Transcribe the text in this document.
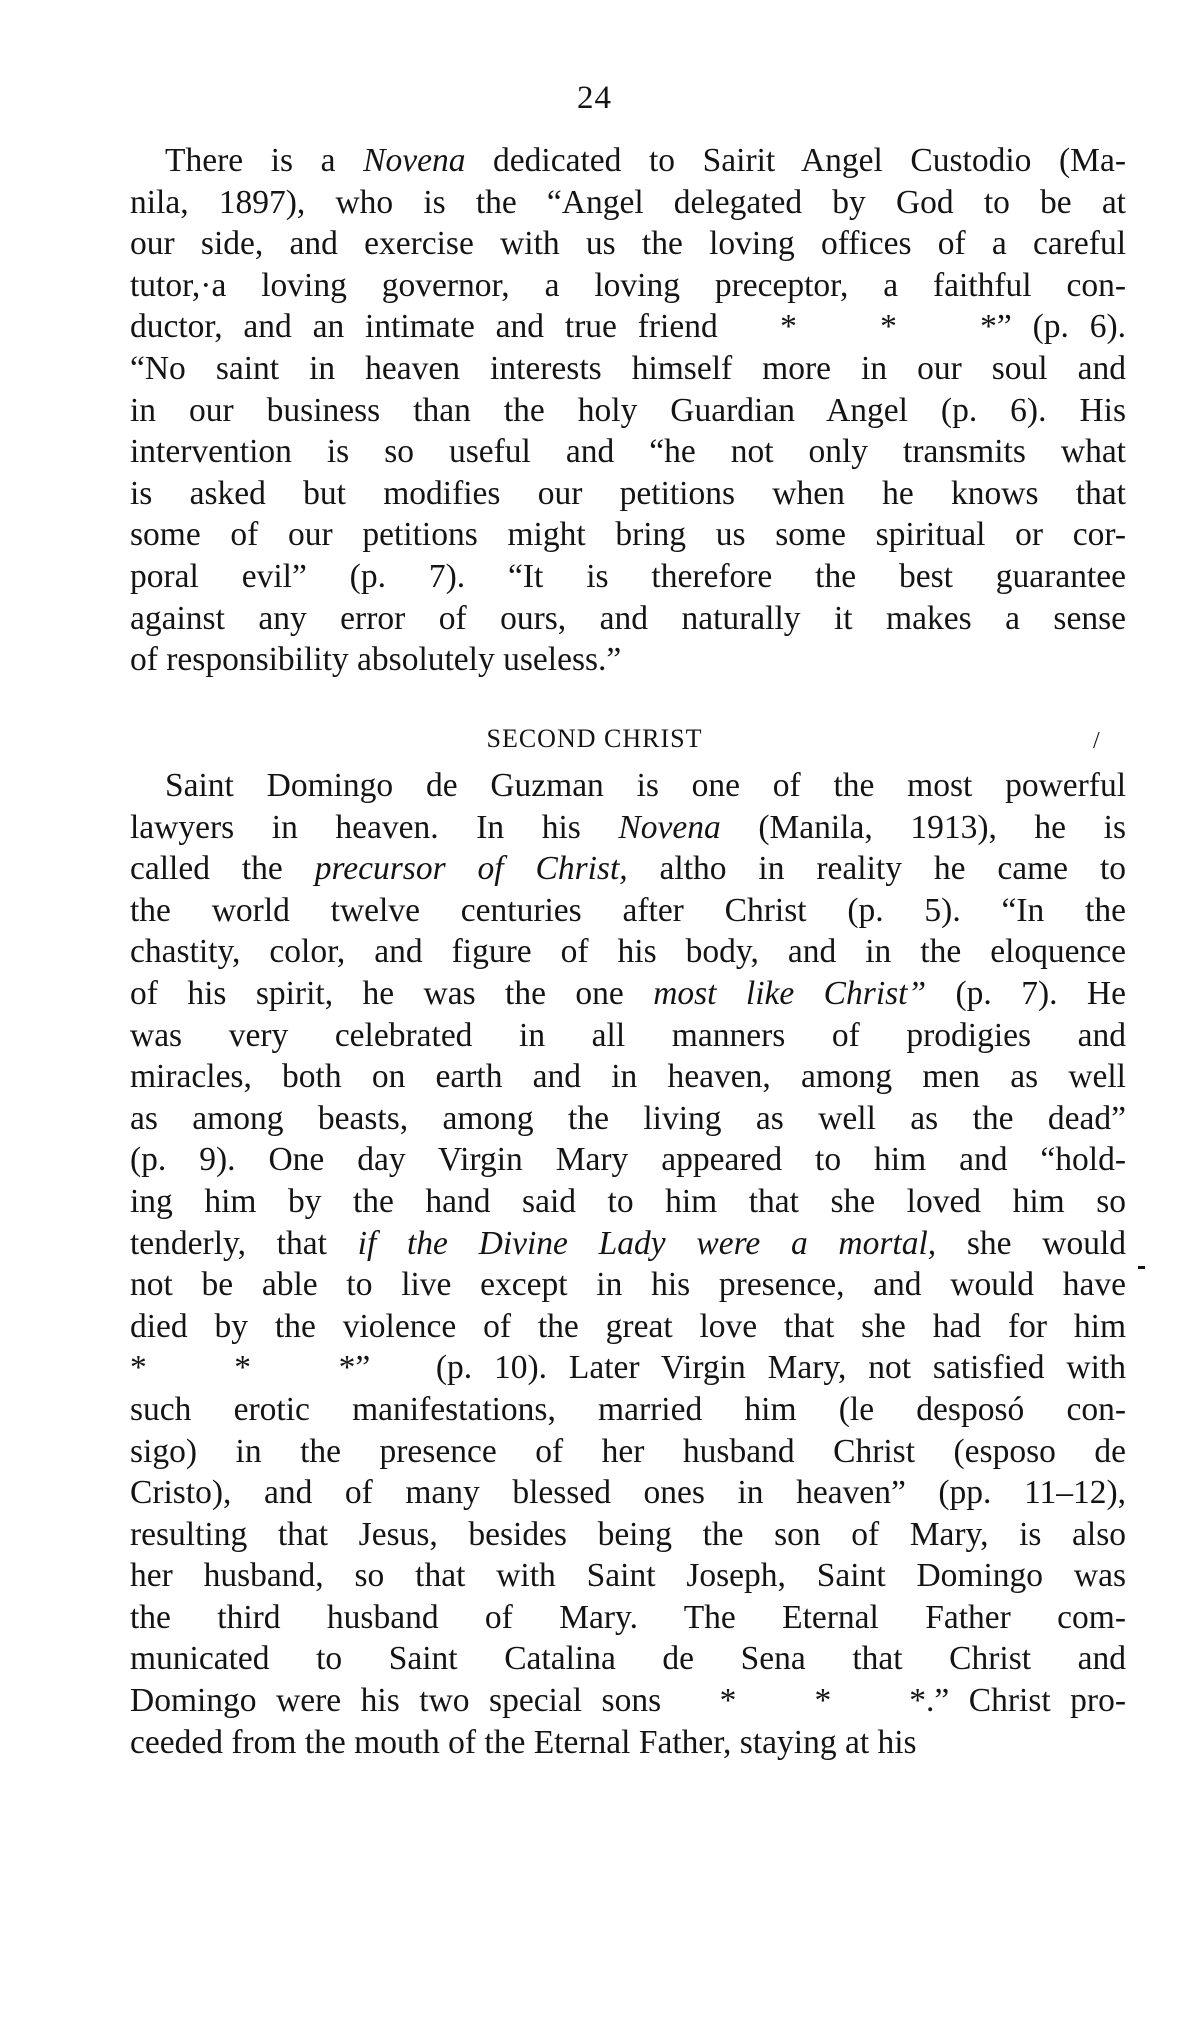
24
There is a Novena dedicated to Sairit Angel Custodio (Ma-
nila, 1897), who is the “Angel delegated by God to be at
our side, and exercise with us the loving offices of a careful
tutor,·a loving governor, a loving preceptor, a faithful con-
ductor, and an intimate and true friend   *    *    *” (p. 6).
“No saint in heaven interests himself more in our soul and
in our business than the holy Guardian Angel (p. 6). His
intervention is so useful and “he not only transmits what
is asked but modifies our petitions when he knows that
some of our petitions might bring us some spiritual or cor-
poral evil” (p. 7). “It is therefore the best guarantee
against any error of ours, and naturally it makes a sense
of responsibility absolutely useless.”
SECOND CHRIST	/
Saint Domingo de Guzman is one of the most powerful
lawyers in heaven. In his Novena (Manila, 1913), he is
called the precursor of Christ, altho in reality he came to
the world twelve centuries after Christ (p. 5). “In the
chastity, color, and figure of his body, and in the eloquence
of his spirit, he was the one most like Christ” (p. 7). He
was very celebrated in all manners of prodigies and
miracles, both on earth and in heaven, among men as well
as among beasts, among the living as well as the dead”
(p. 9). One day Virgin Mary appeared to him and “hold-
ing him by the hand said to him that she loved him so
tenderly, that if the Divine Lady were a mortal, she would
not be able to live except in his presence, and would have
died by the violence of the great love that she had for him
*    *    *”   (p. 10). Later Virgin Mary, not satisfied with
such erotic manifestations, married him (le desposó con-
sigo) in the presence of her husband Christ (esposo de
Cristo), and of many blessed ones in heaven” (pp. 11–12),
resulting that Jesus, besides being the son of Mary, is also
her husband, so that with Saint Joseph, Saint Domingo was
the third husband of Mary. The Eternal Father com-
municated to Saint Catalina de Sena that Christ and
Domingo were his two special sons   *    *    *.” Christ pro-
ceeded from the mouth of the Eternal Father, staying at his
